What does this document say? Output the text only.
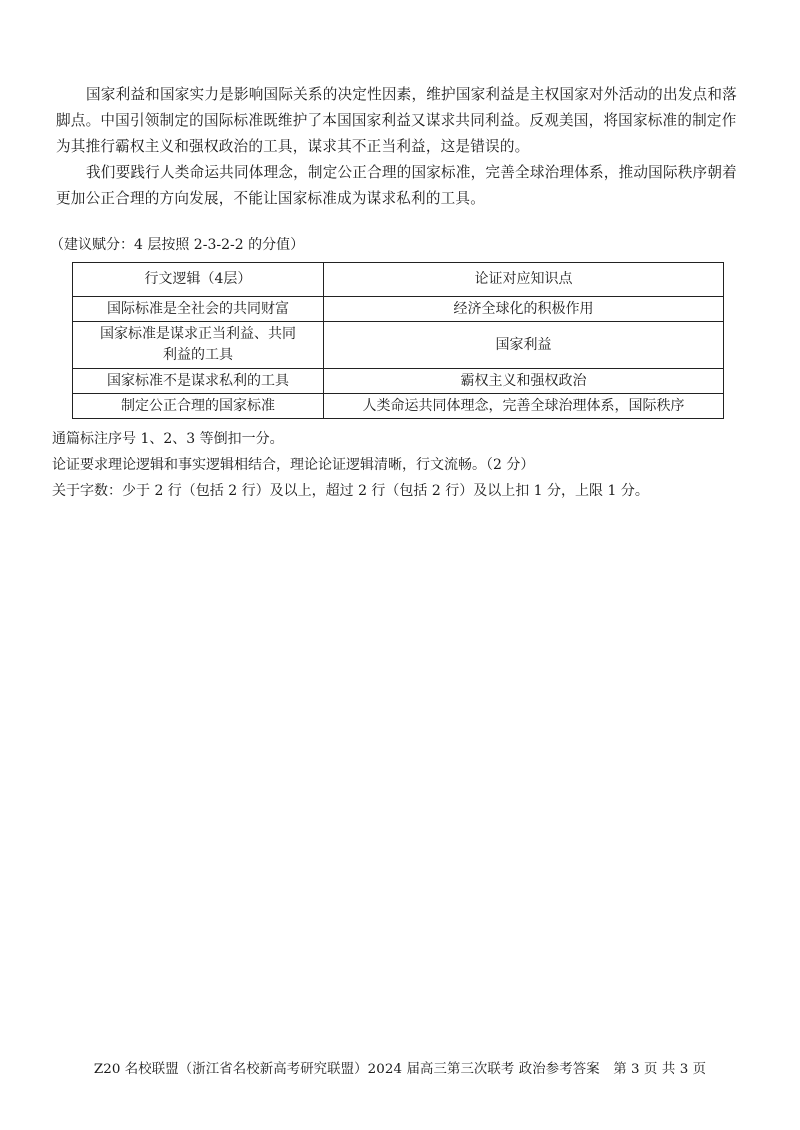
国家利益和国家实力是影响国际关系的决定性因素，维护国家利益是主权国家对外活动的出发点和落脚点。中国引领制定的国际标准既维护了本国国家利益又谋求共同利益。反观美国，将国家标准的制定作为其推行霸权主义和强权政治的工具，谋求其不正当利益，这是错误的。

我们要践行人类命运共同体理念，制定公正合理的国家标准，完善全球治理体系，推动国际秩序朝着更加公正合理的方向发展，不能让国家标准成为谋求私利的工具。

（建议赋分：4 层按照 2-3-2-2 的分值）

行文逻辑（4层）	论证对应知识点
国际标准是全社会的共同财富	经济全球化的积极作用

国家标准是谋求正当利益、共同利益的工具	国家利益
国家标准不是谋求私利的工具	霸权主义和强权政治
制定公正合理的国家标准	人类命运共同体理念，完善全球治理体系，国际秩序

通篇标注序号 1、2、3 等倒扣一分。

论证要求理论逻辑和事实逻辑相结合，理论论证逻辑清晰，行文流畅。（2 分）

关于字数：少于 2 行（包括 2 行）及以上，超过 2 行（包括 2 行）及以上扣 1 分，上限 1 分。

Z20 名校联盟（浙江省名校新高考研究联盟）2024 届高三第三次联考 政治参考答案　第 3 页 共 3 页
